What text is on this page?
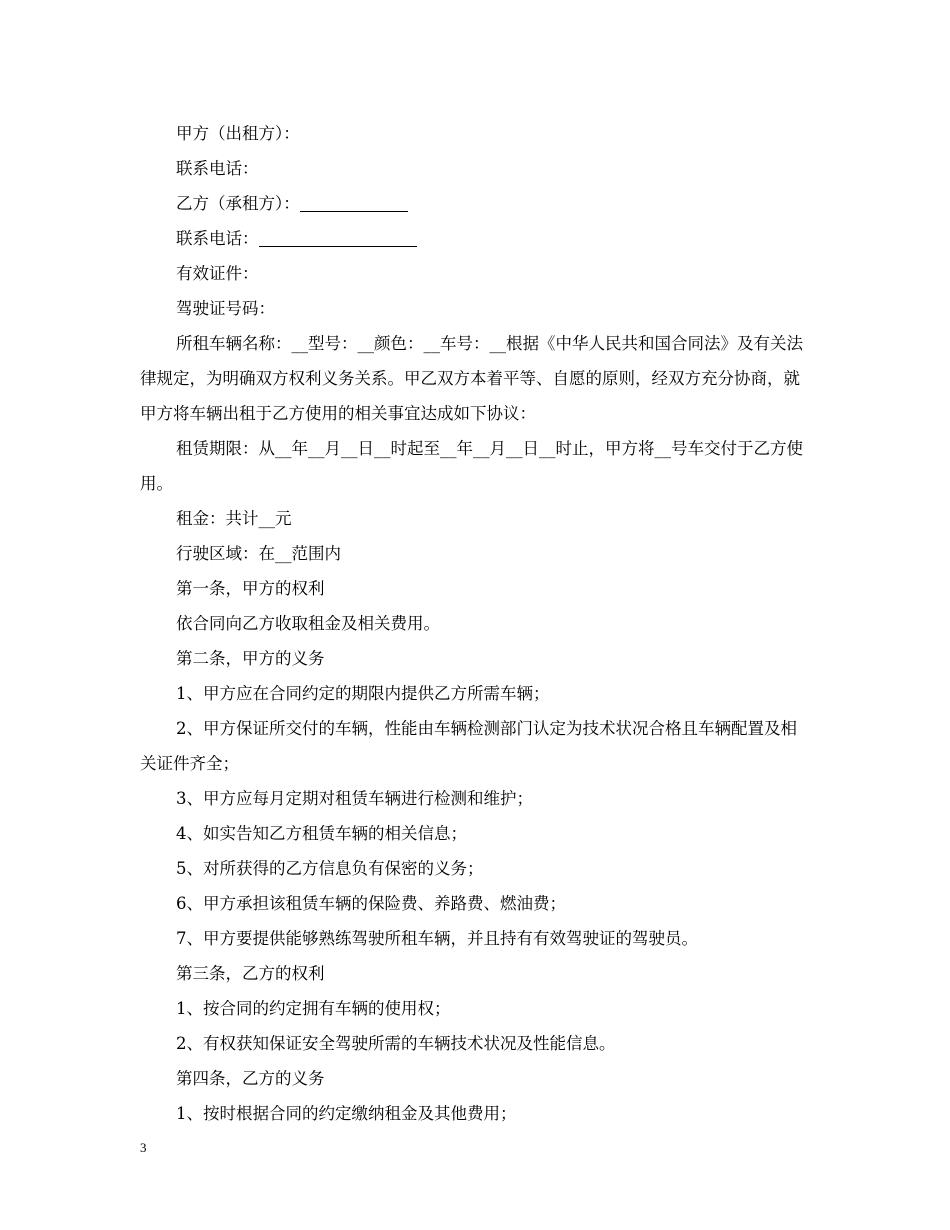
甲方（出租方）：

联系电话：

乙方（承租方）：

联系电话：

有效证件：

驾驶证号码：

所租车辆名称：__型号：__颜色：__车号：__根据《中华人民共和国合同法》及有关法律规定，为明确双方权利义务关系。甲乙双方本着平等、自愿的原则，经双方充分协商，就甲方将车辆出租于乙方使用的相关事宜达成如下协议：

租赁期限：从__年__月__日__时起至__年__月__日__时止，甲方将__号车交付于乙方使用。

租金：共计__元

行驶区域：在__范围内

第一条，甲方的权利

依合同向乙方收取租金及相关费用。

第二条，甲方的义务

1、甲方应在合同约定的期限内提供乙方所需车辆；

2、甲方保证所交付的车辆，性能由车辆检测部门认定为技术状况合格且车辆配置及相关证件齐全；

3、甲方应每月定期对租赁车辆进行检测和维护；

4、如实告知乙方租赁车辆的相关信息；

5、对所获得的乙方信息负有保密的义务；

6、甲方承担该租赁车辆的保险费、养路费、燃油费；

7、甲方要提供能够熟练驾驶所租车辆，并且持有有效驾驶证的驾驶员。

第三条，乙方的权利

1、按合同的约定拥有车辆的使用权；

2、有权获知保证安全驾驶所需的车辆技术状况及性能信息。

第四条，乙方的义务

1、按时根据合同的约定缴纳租金及其他费用；

3
